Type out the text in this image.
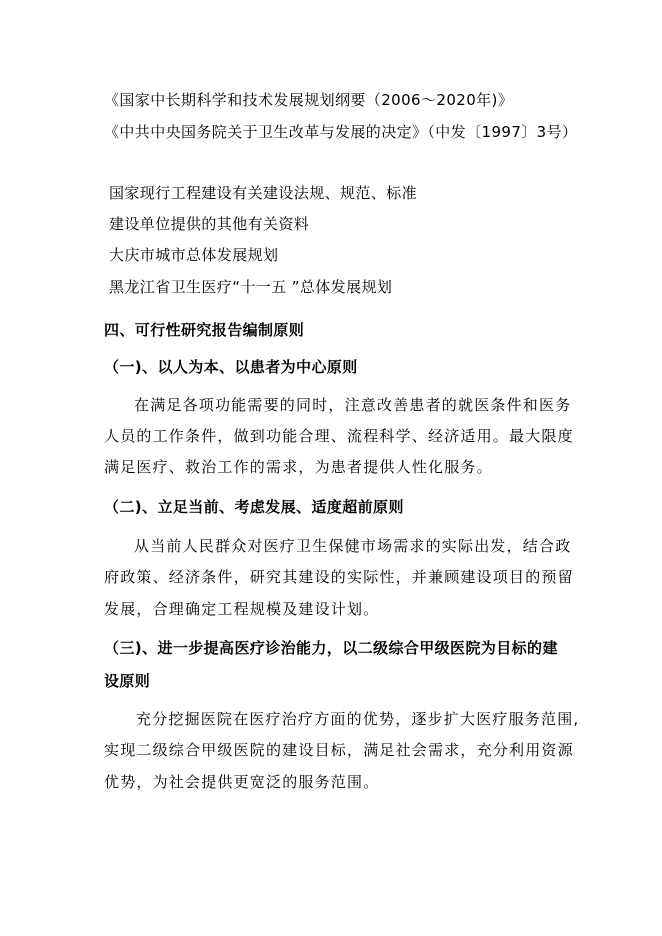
《国家中长期科学和技术发展规划纲要（2006～2020年)》
《中共中央国务院关于卫生改革与发展的决定》（中发〔1997〕3号）
国家现行工程建设有关建设法规、规范、标准
建设单位提供的其他有关资料
大庆市城市总体发展规划
黑龙江省卫生医疗“十一五 ”总体发展规划
四、可行性研究报告编制原则
（一)、以人为本、以患者为中心原则
在满足各项功能需要的同时，注意改善患者的就医条件和医务
人员的工作条件，做到功能合理、流程科学、经济适用。最大限度
满足医疗、救治工作的需求，为患者提供人性化服务。
（二)、立足当前、考虑发展、适度超前原则
从当前人民群众对医疗卫生保健市场需求的实际出发，结合政
府政策、经济条件，研究其建设的实际性，并兼顾建设项目的预留
发展，合理确定工程规模及建设计划。
（三)、进一步提高医疗诊治能力，以二级综合甲级医院为目标的建
设原则
充分挖掘医院在医疗治疗方面的优势，逐步扩大医疗服务范围,
实现二级综合甲级医院的建设目标，满足社会需求，充分利用资源
优势，为社会提供更宽泛的服务范围。
